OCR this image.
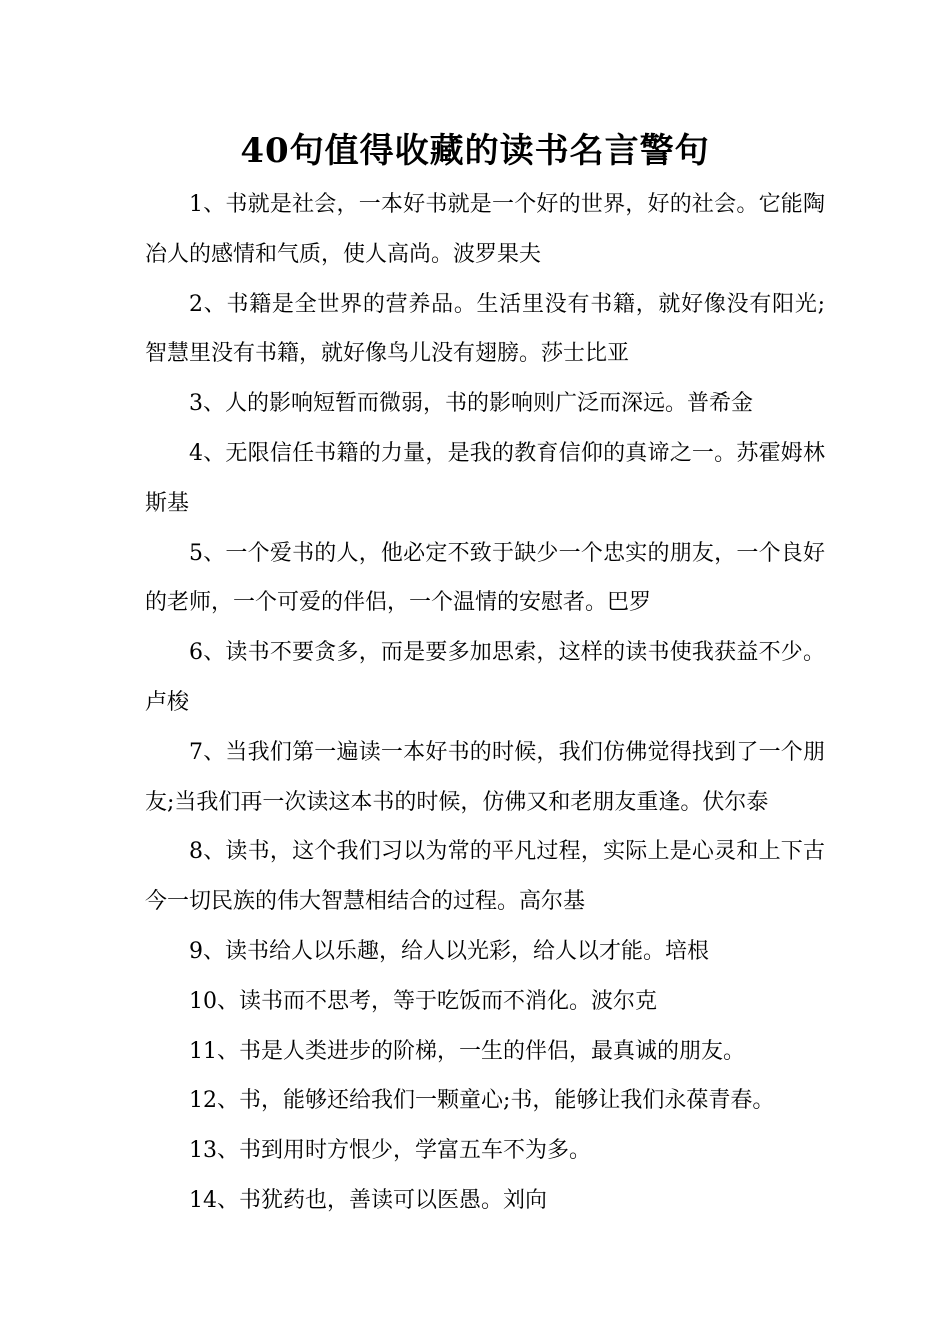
40句值得收藏的读书名言警句

1、书就是社会，一本好书就是一个好的世界，好的社会。它能陶冶人的感情和气质，使人高尚。波罗果夫

2、书籍是全世界的营养品。生活里没有书籍，就好像没有阳光;智慧里没有书籍，就好像鸟儿没有翅膀。莎士比亚

3、人的影响短暂而微弱，书的影响则广泛而深远。普希金

4、无限信任书籍的力量，是我的教育信仰的真谛之一。苏霍姆林斯基

5、一个爱书的人，他必定不致于缺少一个忠实的朋友，一个良好的老师，一个可爱的伴侣，一个温情的安慰者。巴罗

6、读书不要贪多，而是要多加思索，这样的读书使我获益不少。卢梭

7、当我们第一遍读一本好书的时候，我们仿佛觉得找到了一个朋友;当我们再一次读这本书的时候，仿佛又和老朋友重逢。伏尔泰

8、读书，这个我们习以为常的平凡过程，实际上是心灵和上下古今一切民族的伟大智慧相结合的过程。高尔基

9、读书给人以乐趣，给人以光彩，给人以才能。培根

10、读书而不思考，等于吃饭而不消化。波尔克

11、书是人类进步的阶梯，一生的伴侣，最真诚的朋友。

12、书，能够还给我们一颗童心;书，能够让我们永葆青春。

13、书到用时方恨少，学富五车不为多。

14、书犹药也，善读可以医愚。刘向
